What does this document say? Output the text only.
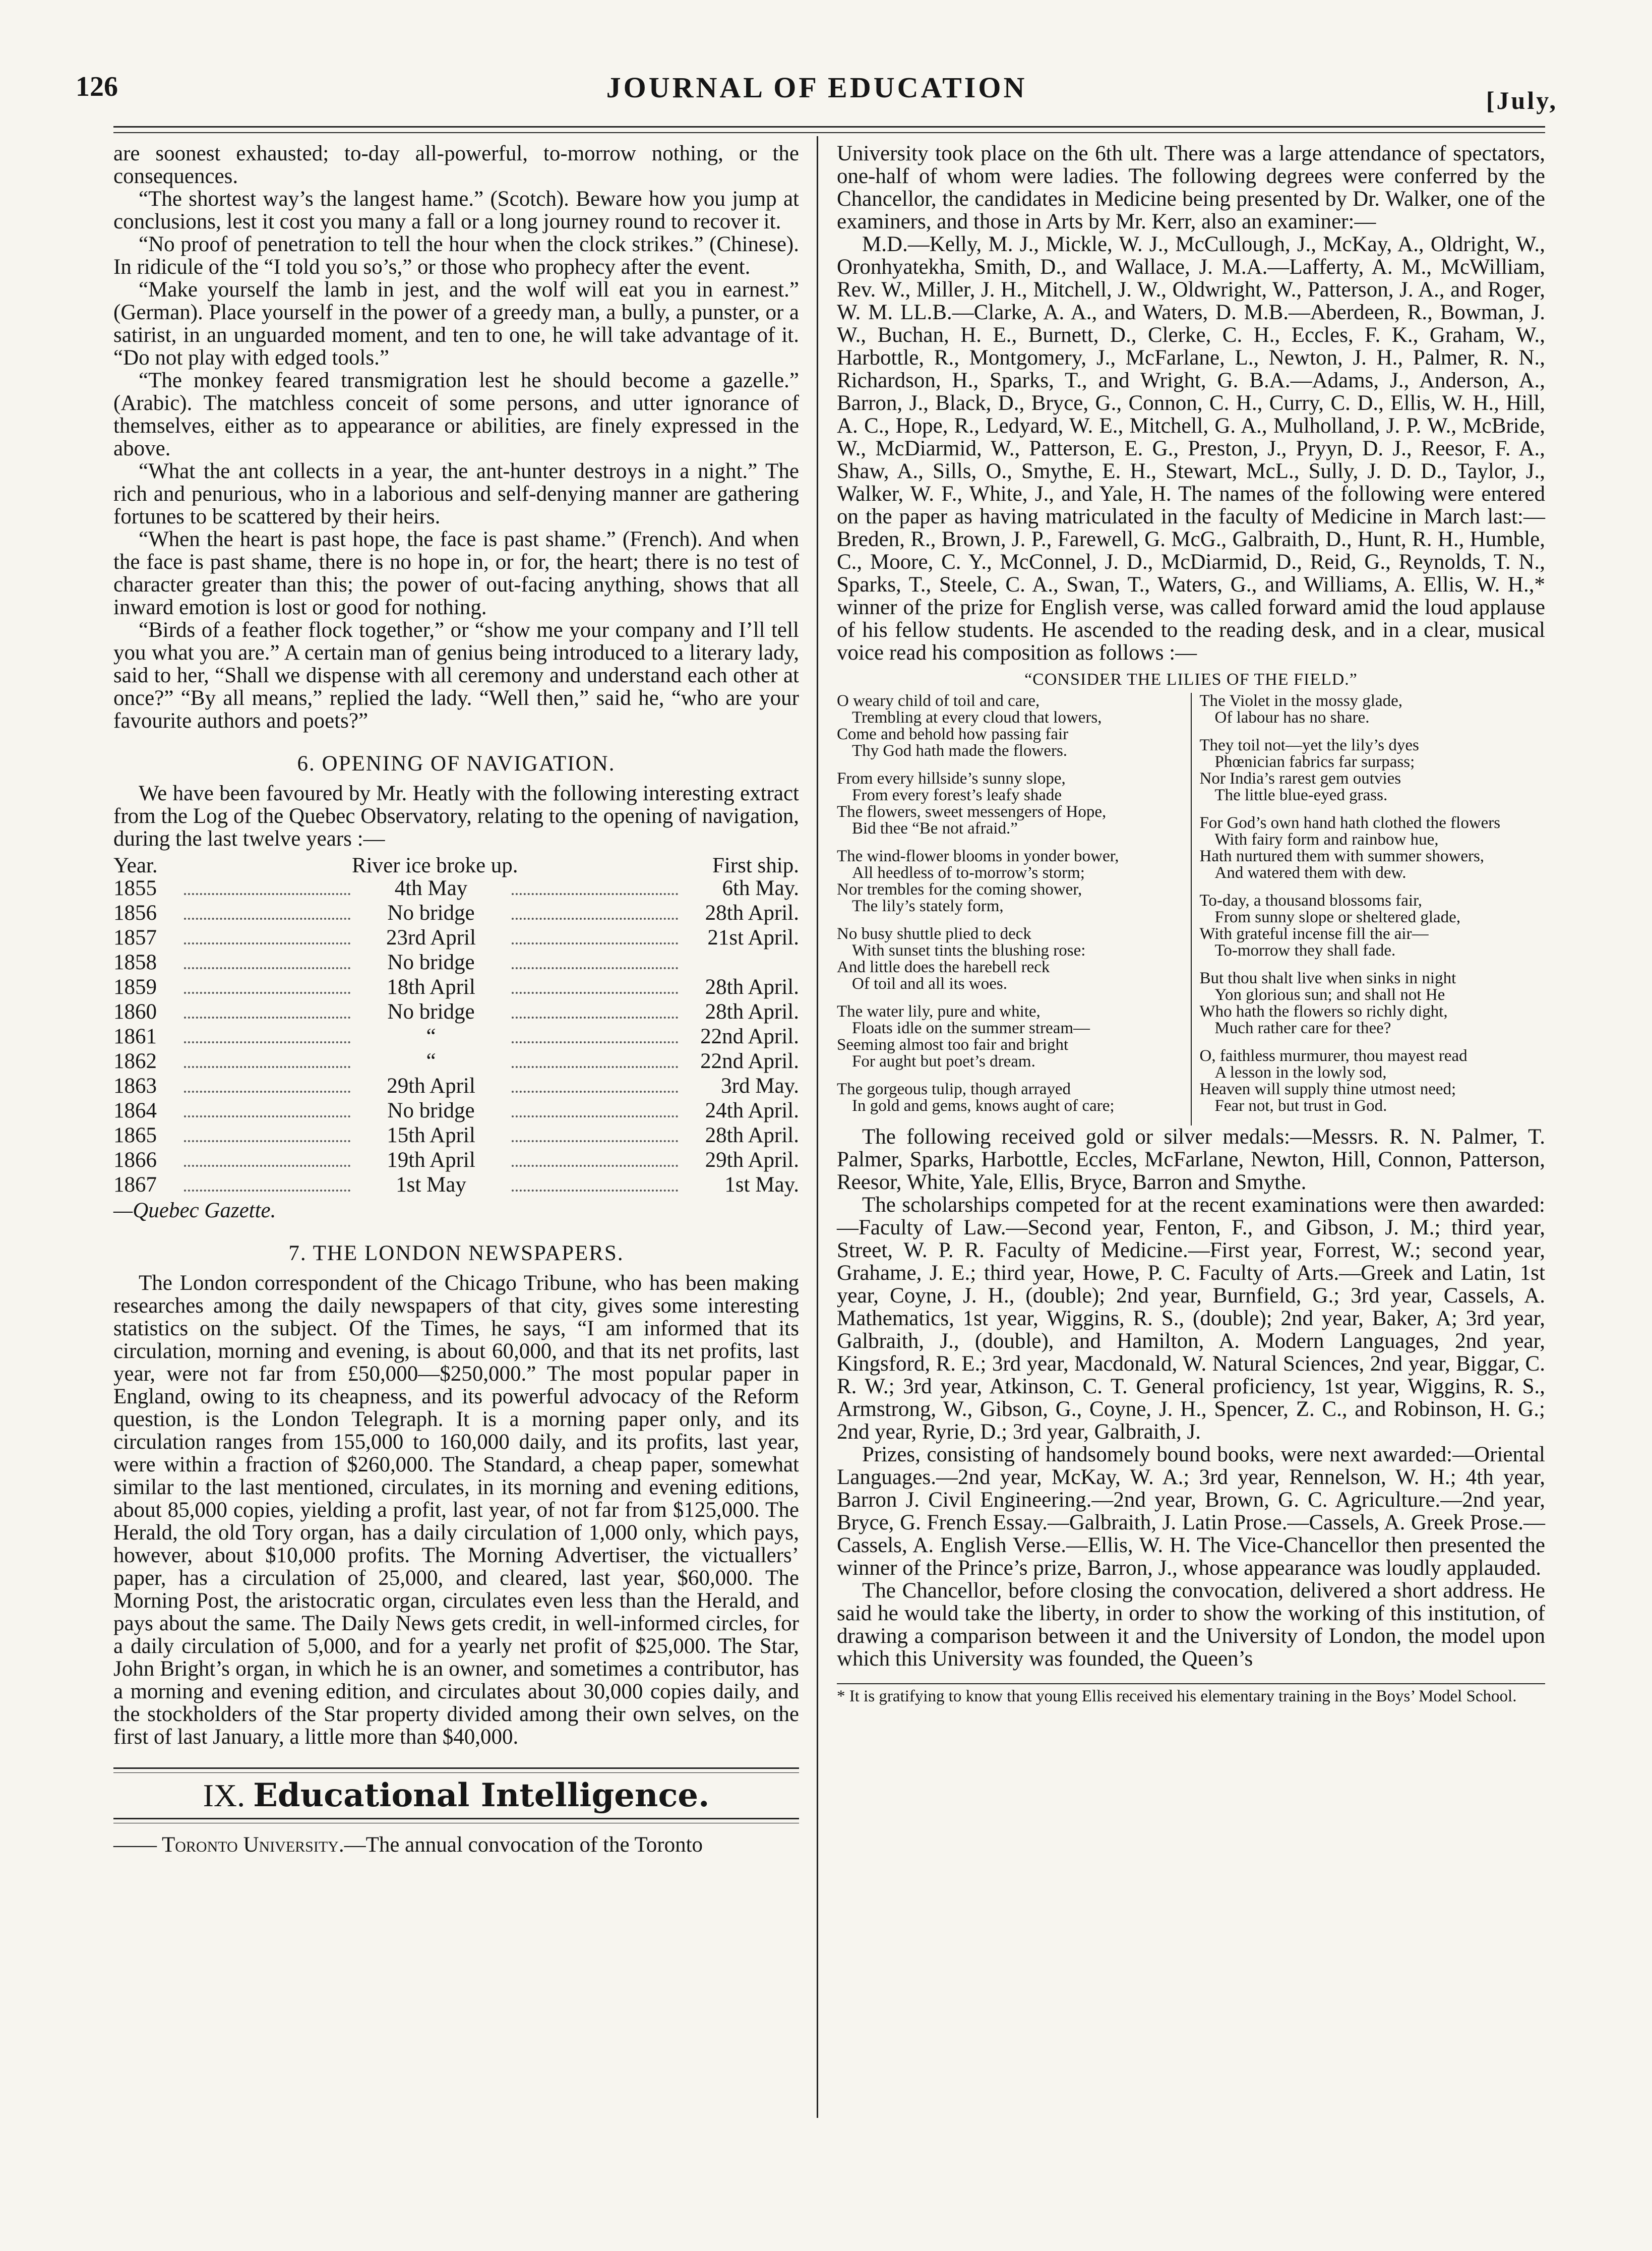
126	JOURNAL OF EDUCATION	[July,

are soonest exhausted; to-day all-powerful, to-morrow nothing, or the consequences.

“The shortest way’s the langest hame.” (Scotch). Beware how you jump at conclusions, lest it cost you many a fall or a long journey round to recover it.

“No proof of penetration to tell the hour when the clock strikes.” (Chinese). In ridicule of the “I told you so’s,” or those who prophecy after the event.

“Make yourself the lamb in jest, and the wolf will eat you in earnest.” (German). Place yourself in the power of a greedy man, a bully, a punster, or a satirist, in an unguarded moment, and ten to one, he will take advantage of it. “Do not play with edged tools.”

“The monkey feared transmigration lest he should become a gazelle.” (Arabic). The matchless conceit of some persons, and utter ignorance of themselves, either as to appearance or abilities, are finely expressed in the above.

“What the ant collects in a year, the ant-hunter destroys in a night.” The rich and penurious, who in a laborious and self-denying manner are gathering fortunes to be scattered by their heirs.

“When the heart is past hope, the face is past shame.” (French). And when the face is past shame, there is no hope in, or for, the heart; there is no test of character greater than this; the power of out-facing anything, shows that all inward emotion is lost or good for nothing.

“Birds of a feather flock together,” or “show me your company and I’ll tell you what you are.” A certain man of genius being introduced to a literary lady, said to her, “Shall we dispense with all ceremony and understand each other at once?” “By all means,” replied the lady. “Well then,” said he, “who are your favourite authors and poets?”

6. OPENING OF NAVIGATION.

We have been favoured by Mr. Heatly with the following interesting extract from the Log of the Quebec Observatory, relating to the opening of navigation, during the last twelve years :—

Year.	River ice broke up.	First ship.
1855	4th May	6th May.
1856	No bridge	28th April.
1857	23rd April	21st April.
1858	No bridge
1859	18th April	28th April.
1860	No bridge	28th April.
1861	“	22nd April.
1862	“	22nd April.
1863	29th April	3rd May.
1864	No bridge	24th April.
1865	15th April	28th April.
1866	19th April	29th April.
1867	1st May	1st May.
—Quebec Gazette.
7. THE LONDON NEWSPAPERS.

The London correspondent of the Chicago Tribune, who has been making researches among the daily newspapers of that city, gives some interesting statistics on the subject. Of the Times, he says, “I am informed that its circulation, morning and evening, is about 60,000, and that its net profits, last year, were not far from £50,000—$250,000.” The most popular paper in England, owing to its cheapness, and its powerful advocacy of the Reform question, is the London Telegraph. It is a morning paper only, and its circulation ranges from 155,000 to 160,000 daily, and its profits, last year, were within a fraction of $260,000. The Standard, a cheap paper, somewhat similar to the last mentioned, circulates, in its morning and evening editions, about 85,000 copies, yielding a profit, last year, of not far from $125,000. The Herald, the old Tory organ, has a daily circulation of 1,000 only, which pays, however, about $10,000 profits. The Morning Advertiser, the victuallers’ paper, has a circulation of 25,000, and cleared, last year, $60,000. The Morning Post, the aristocratic organ, circulates even less than the Herald, and pays about the same. The Daily News gets credit, in well-informed circles, for a daily circulation of 5,000, and for a yearly net profit of $25,000. The Star, John Bright’s organ, in which he is an owner, and sometimes a contributor, has a morning and evening edition, and circulates about 30,000 copies daily, and the stockholders of the Star property divided among their own selves, on the first of last January, a little more than $40,000.

IX. Educational Intelligence.

—— Toronto University.—The annual convocation of the Toronto

University took place on the 6th ult. There was a large attendance of spectators, one-half of whom were ladies. The following degrees were conferred by the Chancellor, the candidates in Medicine being presented by Dr. Walker, one of the examiners, and those in Arts by Mr. Kerr, also an examiner:—

M.D.—Kelly, M. J., Mickle, W. J., McCullough, J., McKay, A., Oldright, W., Oronhyatekha, Smith, D., and Wallace, J. M.A.—Lafferty, A. M., McWilliam, Rev. W., Miller, J. H., Mitchell, J. W., Oldwright, W., Patterson, J. A., and Roger, W. M. LL.B.—Clarke, A. A., and Waters, D. M.B.—Aberdeen, R., Bowman, J. W., Buchan, H. E., Burnett, D., Clerke, C. H., Eccles, F. K., Graham, W., Harbottle, R., Montgomery, J., McFarlane, L., Newton, J. H., Palmer, R. N., Richardson, H., Sparks, T., and Wright, G. B.A.—Adams, J., Anderson, A., Barron, J., Black, D., Bryce, G., Connon, C. H., Curry, C. D., Ellis, W. H., Hill, A. C., Hope, R., Ledyard, W. E., Mitchell, G. A., Mulholland, J. P. W., McBride, W., McDiarmid, W., Patterson, E. G., Preston, J., Pryyn, D. J., Reesor, F. A., Shaw, A., Sills, O., Smythe, E. H., Stewart, McL., Sully, J. D. D., Taylor, J., Walker, W. F., White, J., and Yale, H. The names of the following were entered on the paper as having matriculated in the faculty of Medicine in March last:—Breden, R., Brown, J. P., Farewell, G. McG., Galbraith, D., Hunt, R. H., Humble, C., Moore, C. Y., McConnel, J. D., McDiarmid, D., Reid, G., Reynolds, T. N., Sparks, T., Steele, C. A., Swan, T., Waters, G., and Williams, A. Ellis, W. H.,* winner of the prize for English verse, was called forward amid the loud applause of his fellow students. He ascended to the reading desk, and in a clear, musical voice read his composition as follows :—

“CONSIDER THE LILIES OF THE FIELD.”
O weary child of toil and care,
Trembling at every cloud that lowers,
Come and behold how passing fair
Thy God hath made the flowers.
From every hillside’s sunny slope,
From every forest’s leafy shade
The flowers, sweet messengers of Hope,
Bid thee “Be not afraid.”
The wind-flower blooms in yonder bower,
All heedless of to-morrow’s storm;
Nor trembles for the coming shower,
The lily’s stately form,
No busy shuttle plied to deck
With sunset tints the blushing rose:
And little does the harebell reck
Of toil and all its woes.
The water lily, pure and white,
Floats idle on the summer stream—
Seeming almost too fair and bright
For aught but poet’s dream.
The gorgeous tulip, though arrayed
In gold and gems, knows aught of care;
The Violet in the mossy glade,
Of labour has no share.
They toil not—yet the lily’s dyes
Phœnician fabrics far surpass;
Nor India’s rarest gem outvies
The little blue-eyed grass.
For God’s own hand hath clothed the flowers
With fairy form and rainbow hue,
Hath nurtured them with summer showers,
And watered them with dew.
To-day, a thousand blossoms fair,
From sunny slope or sheltered glade,
With grateful incense fill the air—
To-morrow they shall fade.
But thou shalt live when sinks in night
Yon glorious sun; and shall not He
Who hath the flowers so richly dight,
Much rather care for thee?
O, faithless murmurer, thou mayest read
A lesson in the lowly sod,
Heaven will supply thine utmost need;
Fear not, but trust in God.

The following received gold or silver medals:—Messrs. R. N. Palmer, T. Palmer, Sparks, Harbottle, Eccles, McFarlane, Newton, Hill, Connon, Patterson, Reesor, White, Yale, Ellis, Bryce, Barron and Smythe.

The scholarships competed for at the recent examinations were then awarded:—Faculty of Law.—Second year, Fenton, F., and Gibson, J. M.; third year, Street, W. P. R. Faculty of Medicine.—First year, Forrest, W.; second year, Grahame, J. E.; third year, Howe, P. C. Faculty of Arts.—Greek and Latin, 1st year, Coyne, J. H., (double); 2nd year, Burnfield, G.; 3rd year, Cassels, A. Mathematics, 1st year, Wiggins, R. S., (double); 2nd year, Baker, A; 3rd year, Galbraith, J., (double), and Hamilton, A. Modern Languages, 2nd year, Kingsford, R. E.; 3rd year, Macdonald, W. Natural Sciences, 2nd year, Biggar, C. R. W.; 3rd year, Atkinson, C. T. General proficiency, 1st year, Wiggins, R. S., Armstrong, W., Gibson, G., Coyne, J. H., Spencer, Z. C., and Robinson, H. G.; 2nd year, Ryrie, D.; 3rd year, Galbraith, J.

Prizes, consisting of handsomely bound books, were next awarded:—Oriental Languages.—2nd year, McKay, W. A.; 3rd year, Rennelson, W. H.; 4th year, Barron J. Civil Engineering.—2nd year, Brown, G. C. Agriculture.—2nd year, Bryce, G. French Essay.—Galbraith, J. Latin Prose.—Cassels, A. Greek Prose.—Cassels, A. English Verse.—Ellis, W. H. The Vice-Chancellor then presented the winner of the Prince’s prize, Barron, J., whose appearance was loudly applauded.

The Chancellor, before closing the convocation, delivered a short address. He said he would take the liberty, in order to show the working of this institution, of drawing a comparison between it and the University of London, the model upon which this University was founded, the Queen’s

* It is gratifying to know that young Ellis received his elementary training in the Boys’ Model School.
